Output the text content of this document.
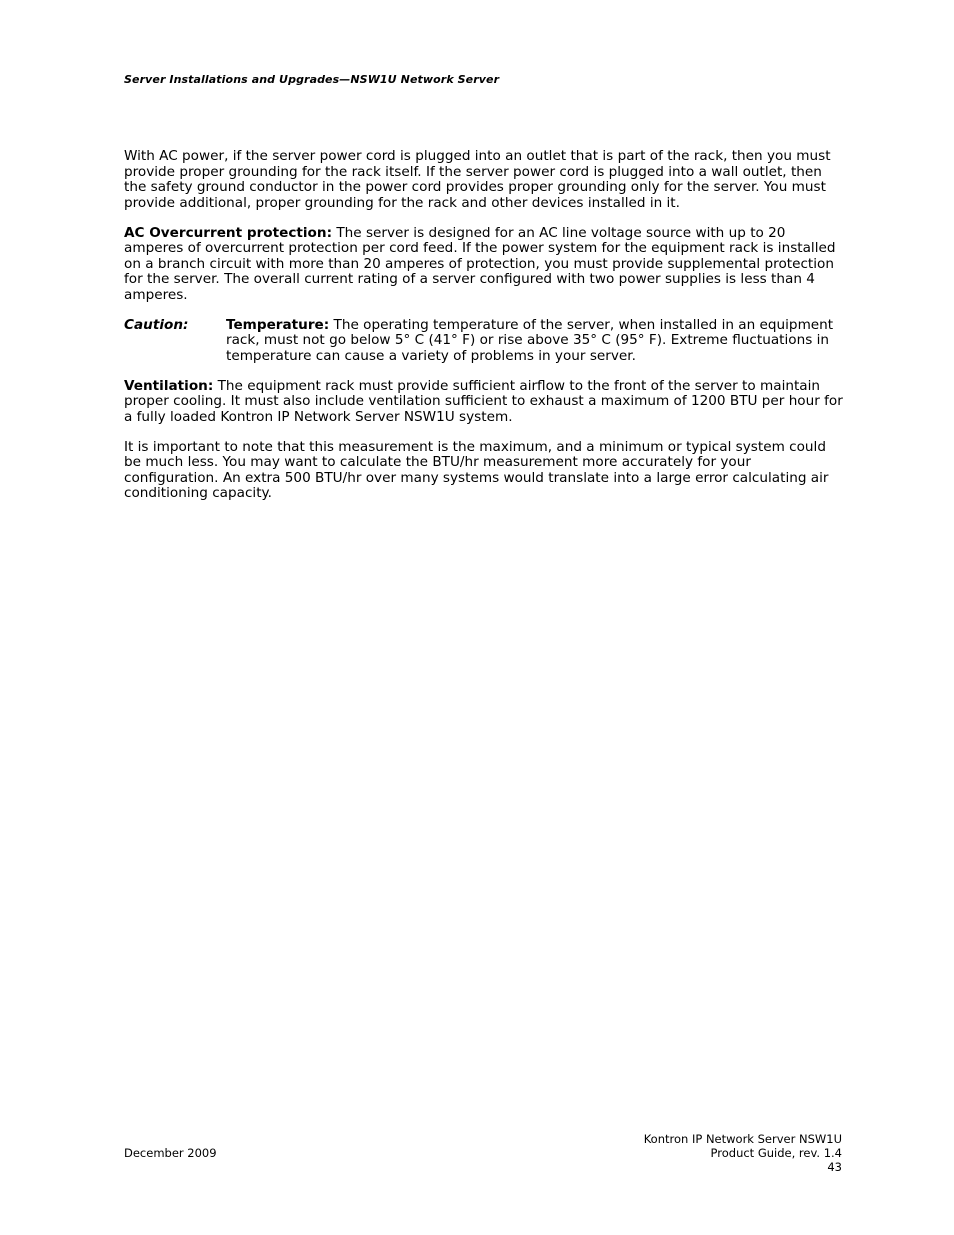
Server Installations and Upgrades—NSW1U Network Server

With AC power, if the server power cord is plugged into an outlet that is part of the rack, then you must provide proper grounding for the rack itself. If the server power cord is plugged into a wall outlet, then the safety ground conductor in the power cord provides proper grounding only for the server. You must provide additional, proper grounding for the rack and other devices installed in it.

AC Overcurrent protection: The server is designed for an AC line voltage source with up to 20 amperes of overcurrent protection per cord feed. If the power system for the equipment rack is installed on a branch circuit with more than 20 amperes of protection, you must provide supplemental protection for the server. The overall current rating of a server configured with two power supplies is less than 4 amperes.

Caution:	Temperature: The operating temperature of the server, when installed in an equipment rack, must not go below 5° C (41° F) or rise above 35° C (95° F). Extreme fluctuations in temperature can cause a variety of problems in your server.

Ventilation: The equipment rack must provide sufficient airflow to the front of the server to maintain proper cooling. It must also include ventilation sufficient to exhaust a maximum of 1200 BTU per hour for a fully loaded Kontron IP Network Server NSW1U system.

It is important to note that this measurement is the maximum, and a minimum or typical system could be much less. You may want to calculate the BTU/hr measurement more accurately for your configuration. An extra 500 BTU/hr over many systems would translate into a large error calculating air conditioning capacity.

December 2009
Kontron IP Network Server NSW1U
Product Guide, rev. 1.4
43
